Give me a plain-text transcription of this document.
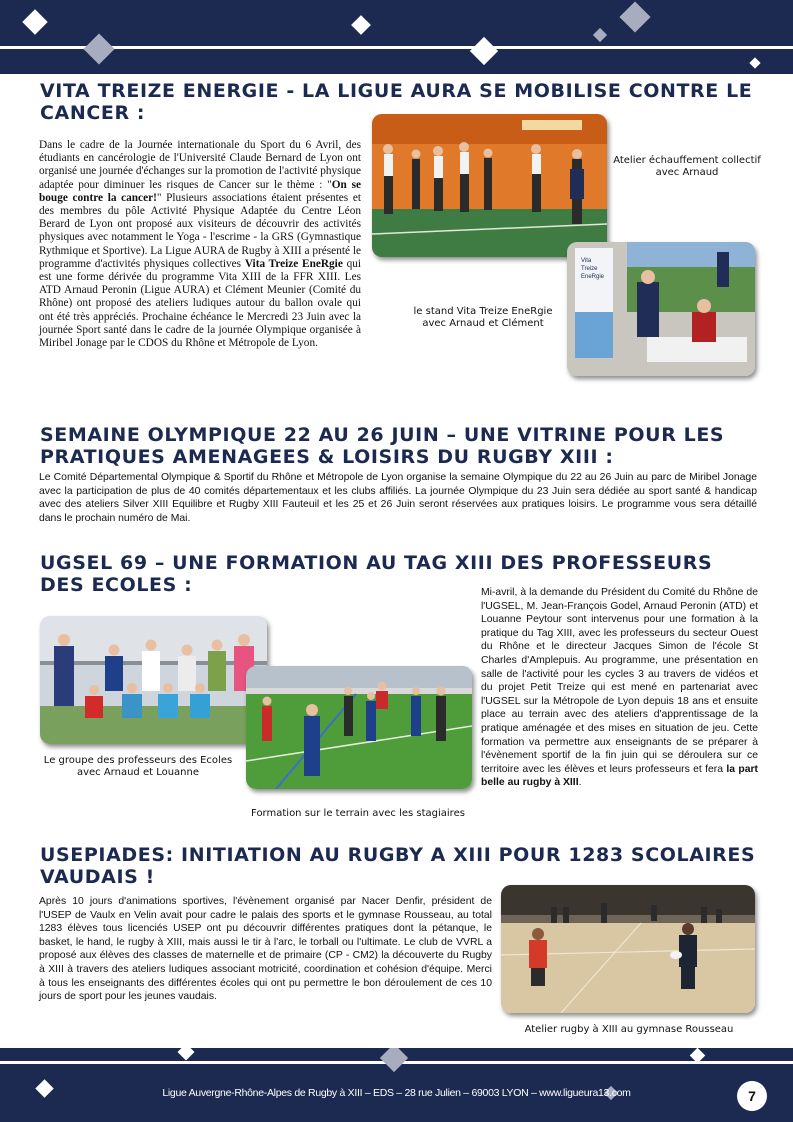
VITA TREIZE ENERGIE - LA LIGUE AURA SE MOBILISE CONTRE LE CANCER :
Dans le cadre de la Journée internationale du Sport du 6 Avril, des étudiants en cancérologie de l'Université Claude Bernard de Lyon ont organisé une journée d'échanges sur la promotion de l'activité physique adaptée pour diminuer les risques de Cancer sur le thème : "On se bouge contre la cancer!" Plusieurs associations étaient présentes et des membres du pôle Activité Physique Adaptée du Centre Léon Berard de Lyon ont proposé aux visiteurs de découvrir des activités physiques avec notamment le Yoga - l'escrime - la GRS (Gymnastique Rythmique et Sportive). La Ligue AURA de Rugby à XIII a présenté le programme d'activités physiques collectives Vita Treize EneRgie qui est une forme dérivée du programme Vita XIII de la FFR XIII. Les ATD Arnaud Peronin (Ligue AURA) et Clément Meunier (Comité du Rhône) ont proposé des ateliers ludiques autour du ballon ovale qui ont été très appréciés. Prochaine échéance le Mercredi 23 Juin avec la journée Sport santé dans le cadre de la journée Olympique organisée à Miribel Jonage par le CDOS du Rhône et Métropole de Lyon.
Atelier échauffement collectif avec Arnaud
Vita
Treize
EneRgie
le stand Vita Treize EneRgie avec Arnaud et Clément
SEMAINE OLYMPIQUE 22 AU 26 JUIN – UNE VITRINE POUR LES PRATIQUES AMENAGEES & LOISIRS DU RUGBY XIII :
Le Comité Départemental Olympique & Sportif du Rhône et Métropole de Lyon organise la semaine Olympique du 22 au 26 Juin au parc de Miribel Jonage avec la participation de plus de 40 comités départementaux et les clubs affiliés. La journée Olympique du 23 Juin sera dédiée au sport santé & handicap avec des ateliers Silver XIII Equilibre et Rugby XIII Fauteuil et les 25 et 26 Juin seront réservées aux pratiques loisirs. Le programme vous sera détaillé dans le prochain numéro de Mai.
UGSEL 69 – UNE FORMATION AU TAG XIII DES PROFESSEURS DES ECOLES :
Le groupe des professeurs des Ecoles avec Arnaud et Louanne
Formation sur le terrain avec les stagiaires
Mi-avril, à la demande du Président du Comité du Rhône de l'UGSEL, M. Jean-François Godel, Arnaud Peronin (ATD) et Louanne Peytour sont intervenus pour une formation à la pratique du Tag XIII, avec les professeurs du secteur Ouest du Rhône et le directeur Jacques Simon de l'école St Charles d'Amplepuis. Au programme, une présentation en salle de l'activité pour les cycles 3 au travers de vidéos et du projet Petit Treize qui est mené en partenariat avec l'UGSEL sur la Métropole de Lyon depuis 18 ans et ensuite place au terrain avec des ateliers d'apprentissage de la pratique aménagée et des mises en situation de jeu. Cette formation va permettre aux enseignants de se préparer à l'évènement sportif de la fin juin qui se déroulera sur ce territoire avec les élèves et leurs professeurs et fera la part belle au rugby à XIII.
USEPIADES: INITIATION AU RUGBY A XIII POUR 1283 SCOLAIRES VAUDAIS !
Après 10 jours d'animations sportives, l'évènement organisé par Nacer Denfir, président de l'USEP de Vaulx en Velin avait pour cadre le palais des sports et le gymnase Rousseau, au total 1283 élèves tous licenciés USEP ont pu découvrir différentes pratiques dont la pétanque, le basket, le hand, le rugby à XIII, mais aussi le tir à l'arc, le torball ou l'ultimate. Le club de VVRL a proposé aux élèves des classes de maternelle et de primaire (CP - CM2) la découverte du Rugby à XIII à travers des ateliers ludiques associant motricité, coordination et cohésion d'équipe. Merci à tous les enseignants des différentes écoles qui ont pu permettre le bon déroulement de ces 10 jours de sport pour les jeunes vaudais.
Atelier rugby à XIII au gymnase Rousseau
Ligue Auvergne-Rhône-Alpes de Rugby à XIII – EDS – 28 rue Julien – 69003 LYON – www.ligueura13.com	7
